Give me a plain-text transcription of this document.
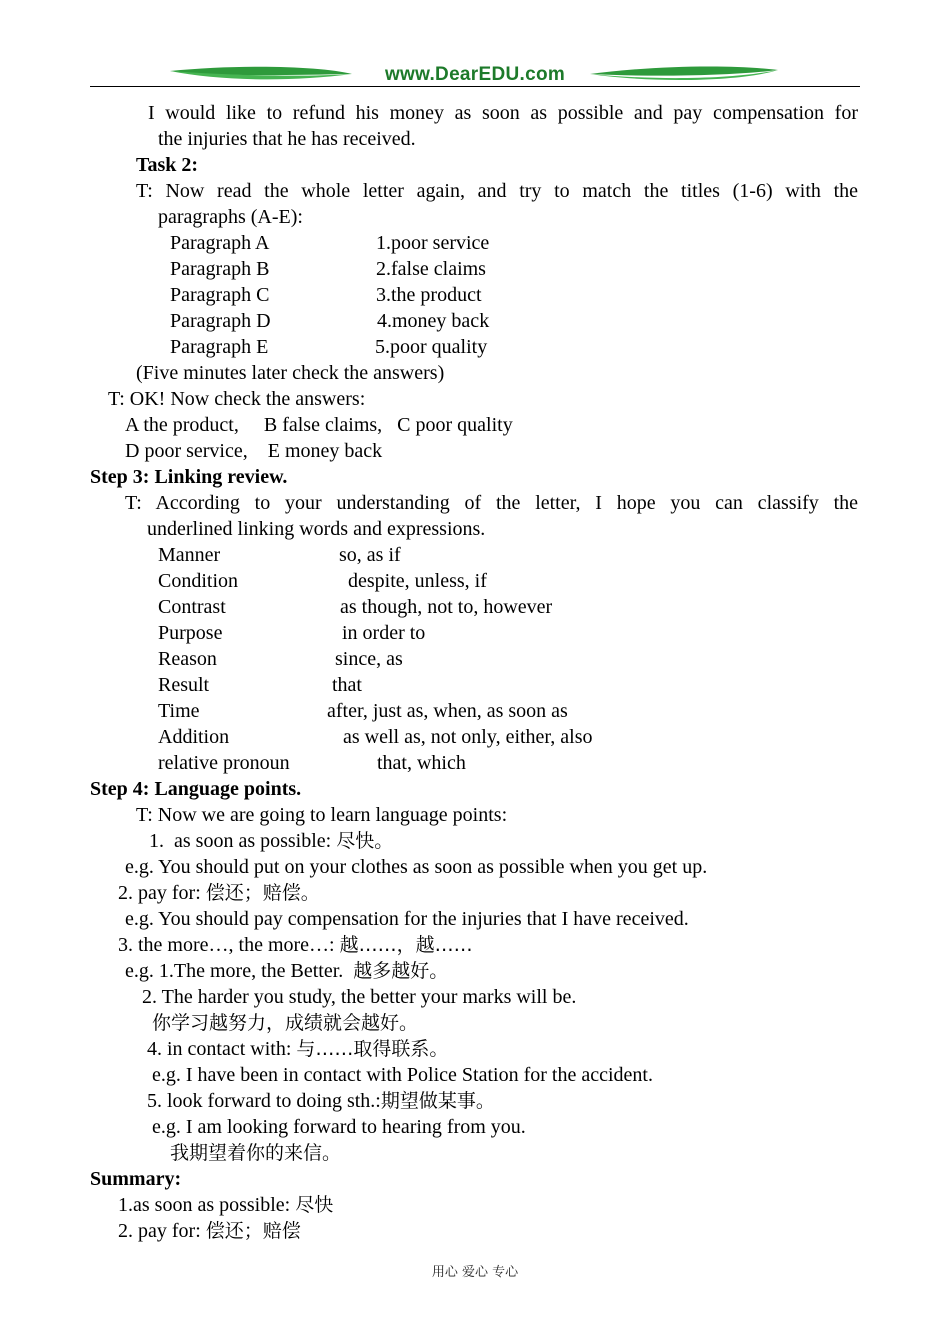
www.DearEDU.com
I would like to refund his money as soon as possible and pay compensation for
the injuries that he has received.
Task 2:
T: Now read the whole letter again, and try to match the titles (1-6) with the
paragraphs (A-E):
Paragraph A	1.poor service
Paragraph B	2.false claims
Paragraph C	3.the product
Paragraph D	4.money back
Paragraph E	5.poor quality
(Five minutes later check the answers)
T: OK! Now check the answers:
A the product,     B false claims,   C poor quality
D poor service,    E money back
Step 3: Linking review.
T: According to your understanding of the letter, I hope you can classify the
underlined linking words and expressions.
Manner	so, as if
Condition	despite, unless, if
Contrast	as though, not to, however
Purpose	in order to
Reason	since, as
Result	that
Time	after, just as, when, as soon as
Addition	as well as, not only, either, also
relative pronoun	that, which
Step 4: Language points.
T: Now we are going to learn language points:
1.  as soon as possible: 尽快。
e.g. You should put on your clothes as soon as possible when you get up.
2. pay for: 偿还；赔偿。
e.g. You should pay compensation for the injuries that I have received.
3. the more…, the more…: 越……，越……
e.g. 1.The more, the Better.  越多越好。
2. The harder you study, the better your marks will be.
你学习越努力，成绩就会越好。
4. in contact with: 与……取得联系。
e.g. I have been in contact with Police Station for the accident.
5. look forward to doing sth.:期望做某事。
e.g. I am looking forward to hearing from you.
我期望着你的来信。
Summary:
1.as soon as possible: 尽快
2. pay for: 偿还；赔偿
用心 爱心 专心
